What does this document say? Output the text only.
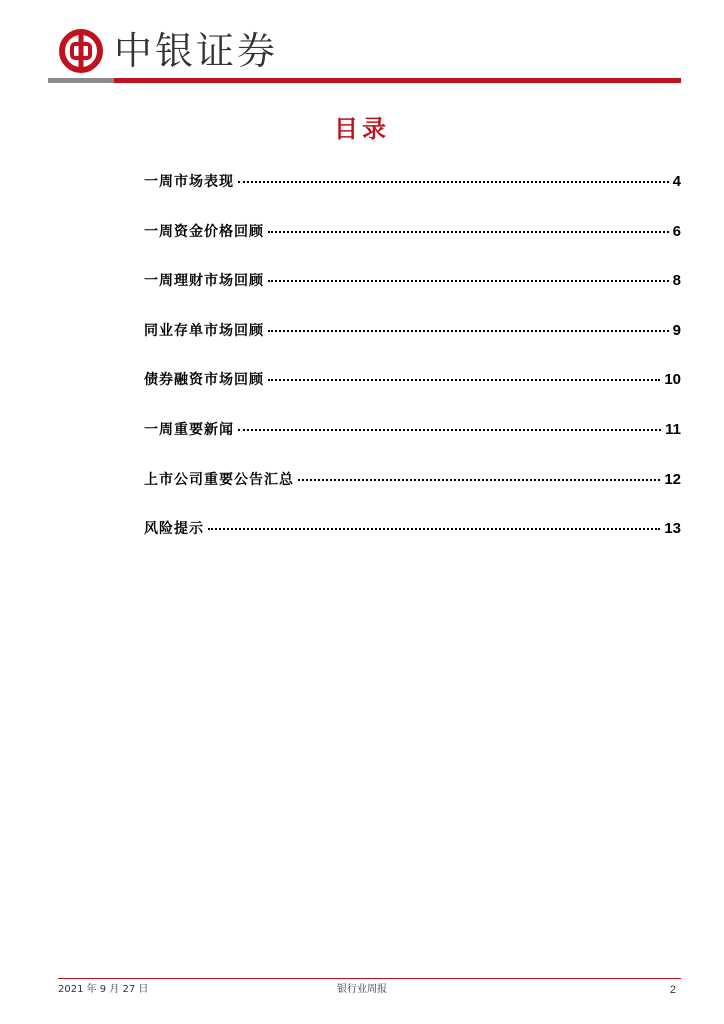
中银证券
目录
一周市场表现	4
一周资金价格回顾	6
一周理财市场回顾	8
同业存单市场回顾	9
债券融资市场回顾	10
一周重要新闻	11
上市公司重要公告汇总	12
风险提示	13
2021 年 9 月 27 日	银行业周报	2
